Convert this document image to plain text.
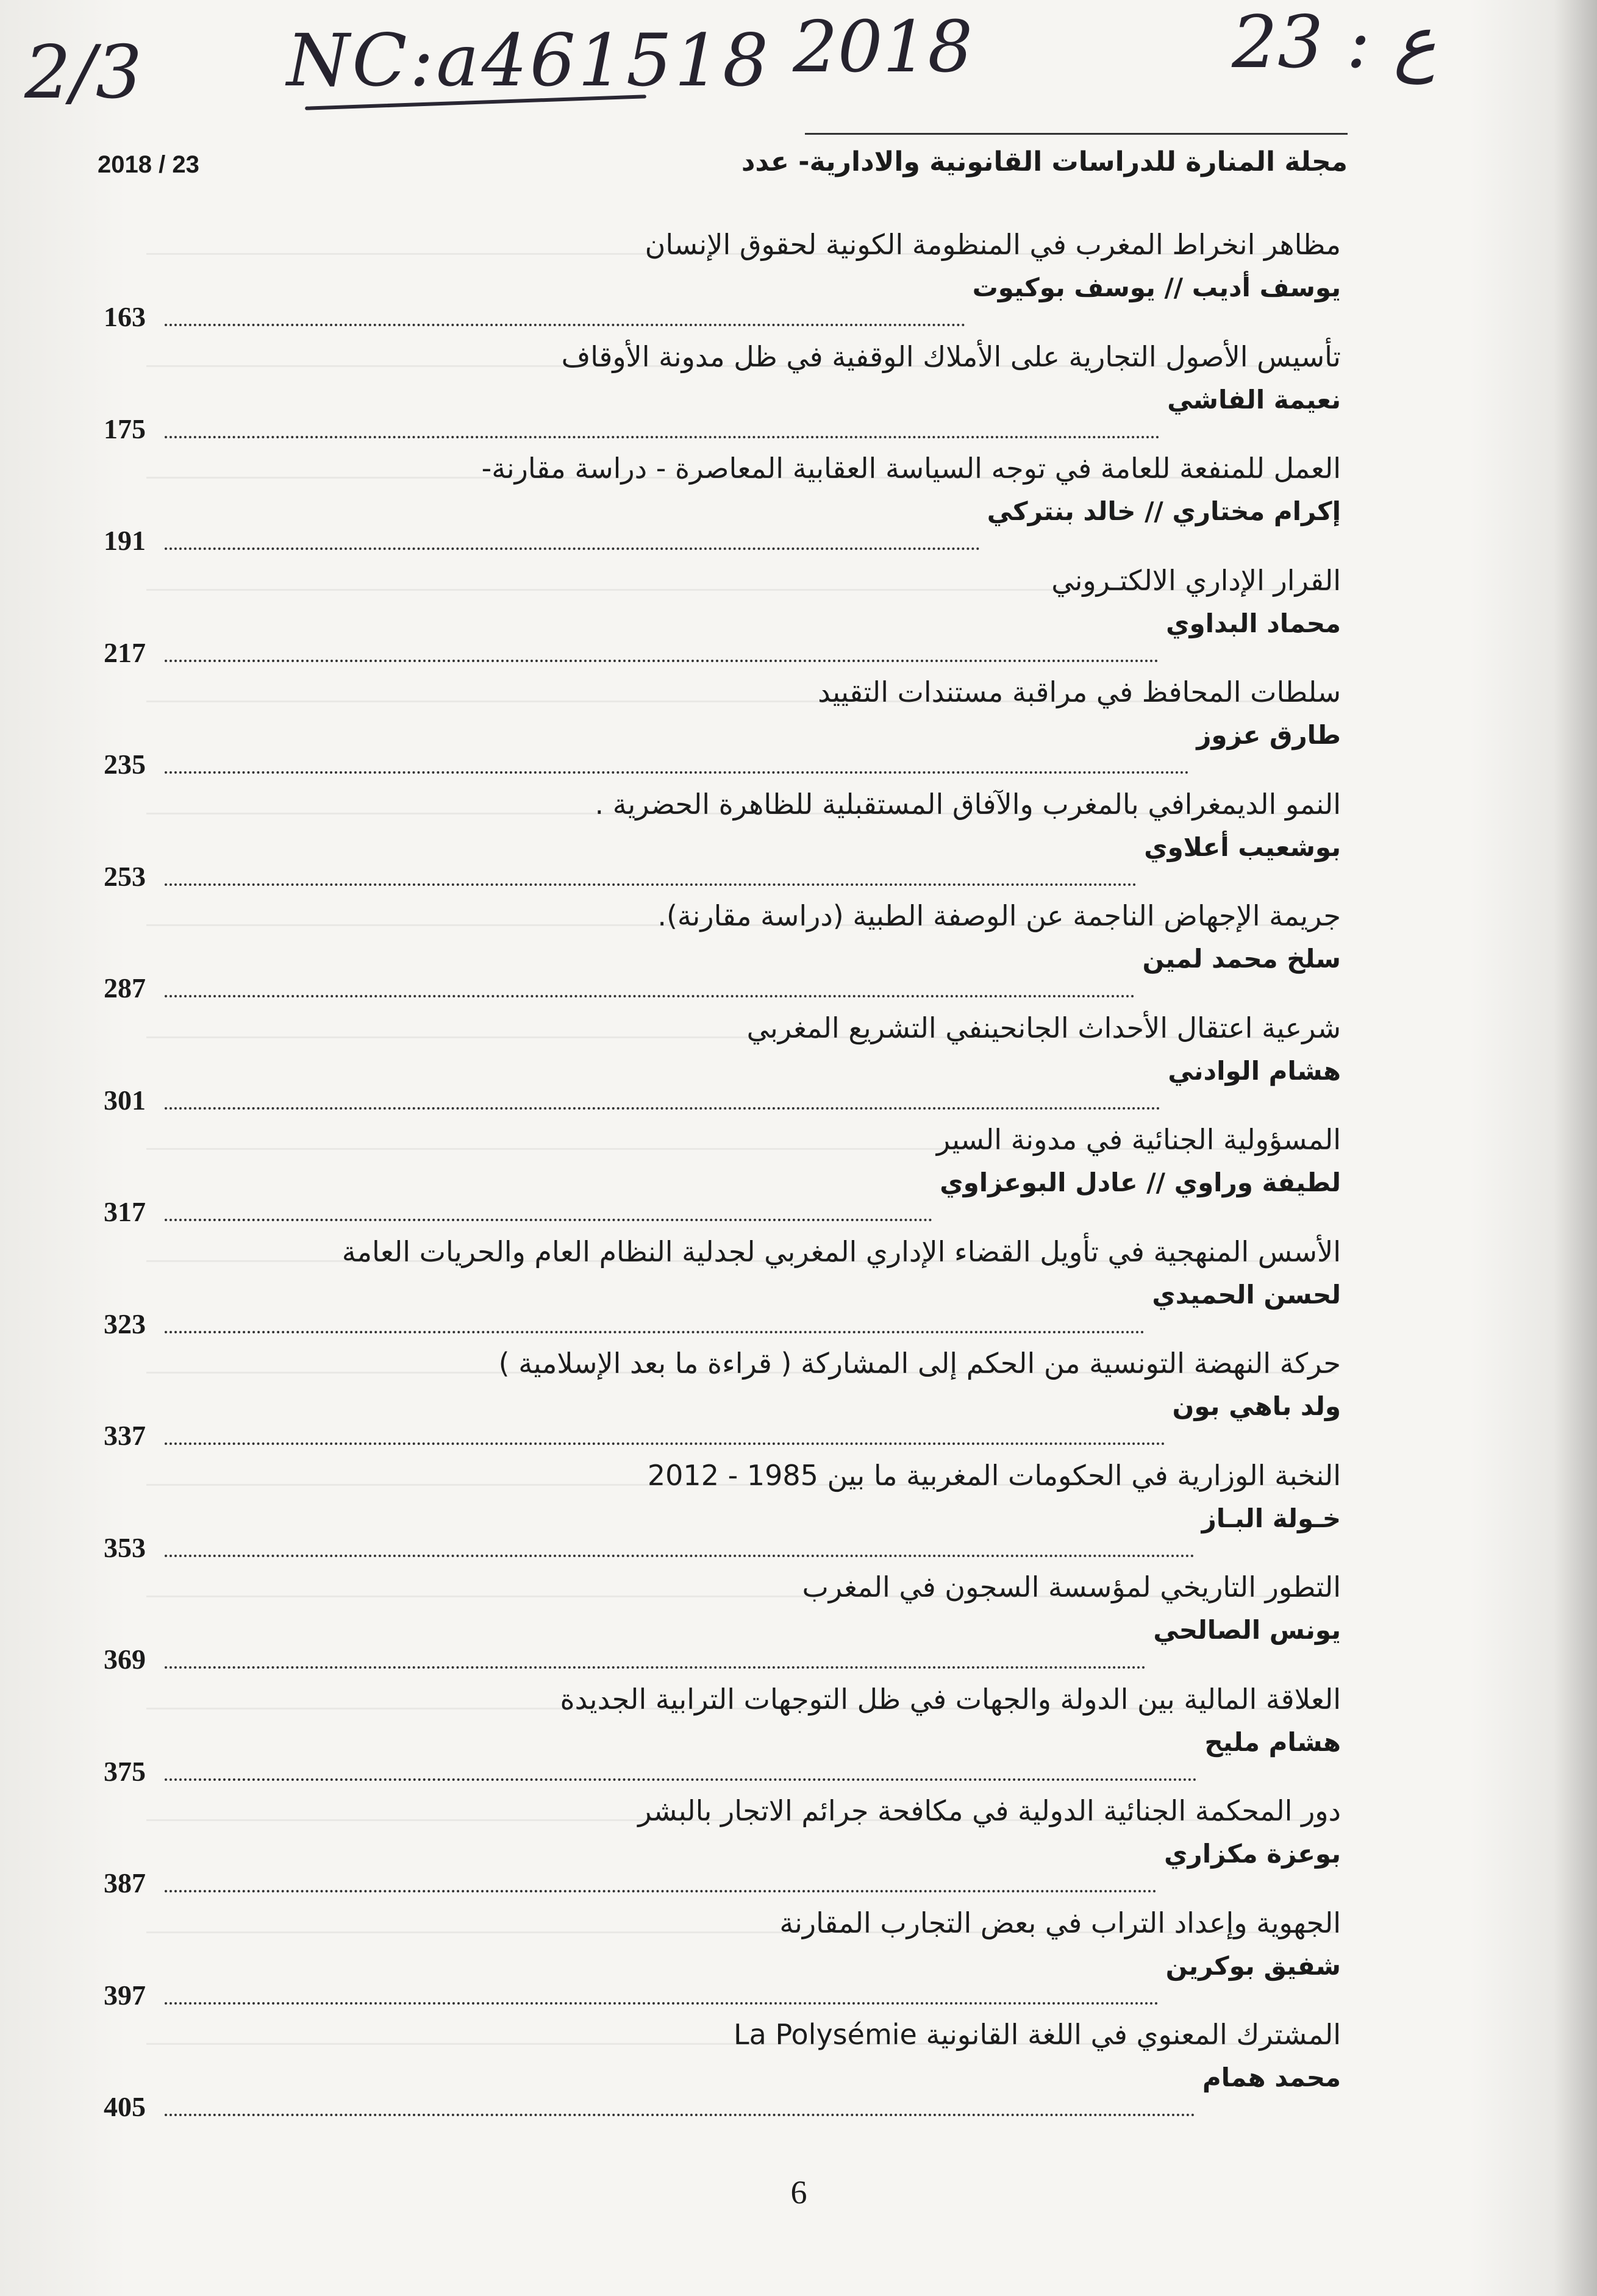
2/3 NC:a461518 2018	23 : ع
مجلة المنارة للدراسات القانونية والادارية- عدد
2018 / 23
مظاهر انخراط المغرب في المنظومة الكونية لحقوق الإنسان
يوسف أديب // يوسف بوكيوت
163
تأسيس الأصول التجارية على الأملاك الوقفية في ظل مدونة الأوقاف
نعيمة الفاشي
175
العمل للمنفعة للعامة في توجه السياسة العقابية المعاصرة - دراسة مقارنة-
إكرام مختاري // خالد بنتركي
191
القرار الإداري الالكتـروني
محماد البداوي
217
سلطات المحافظ في مراقبة مستندات التقييد
طارق عزوز
235
النمو الديمغرافي بالمغرب والآفاق المستقبلية للظاهرة الحضرية .
بوشعيب أعلاوي
253
جريمة الإجهاض الناجمة عن الوصفة الطبية (دراسة مقارنة).
سلخ محمد لمين
287
شرعية اعتقال الأحداث الجانحينفي التشريع المغربي
هشام الوادني
301
المسؤولية الجنائية في مدونة السير
لطيفة وراوي // عادل البوعزاوي
317
الأسس المنهجية في تأويل القضاء الإداري المغربي لجدلية النظام العام والحريات العامة
لحسن الحميدي
323
حركة النهضة التونسية من الحكم إلى المشاركة ( قراءة ما بعد الإسلامية )
ولد باهي بون
337
النخبة الوزارية في الحكومات المغربية ما بين 1985 - 2012
خـولة البـاز
353
التطور التاريخي لمؤسسة السجون في المغرب
يونس الصالحي
369
العلاقة المالية بين الدولة والجهات في ظل التوجهات الترابية الجديدة
هشام مليح
375
دور المحكمة الجنائية الدولية في مكافحة جرائم الاتجار بالبشر
بوعزة مكزاري
387
الجهوية وإعداد التراب في بعض التجارب المقارنة
شفيق بوكرين
397
المشترك المعنوي في اللغة القانونية La Polysémie
محمد همام
405
6
